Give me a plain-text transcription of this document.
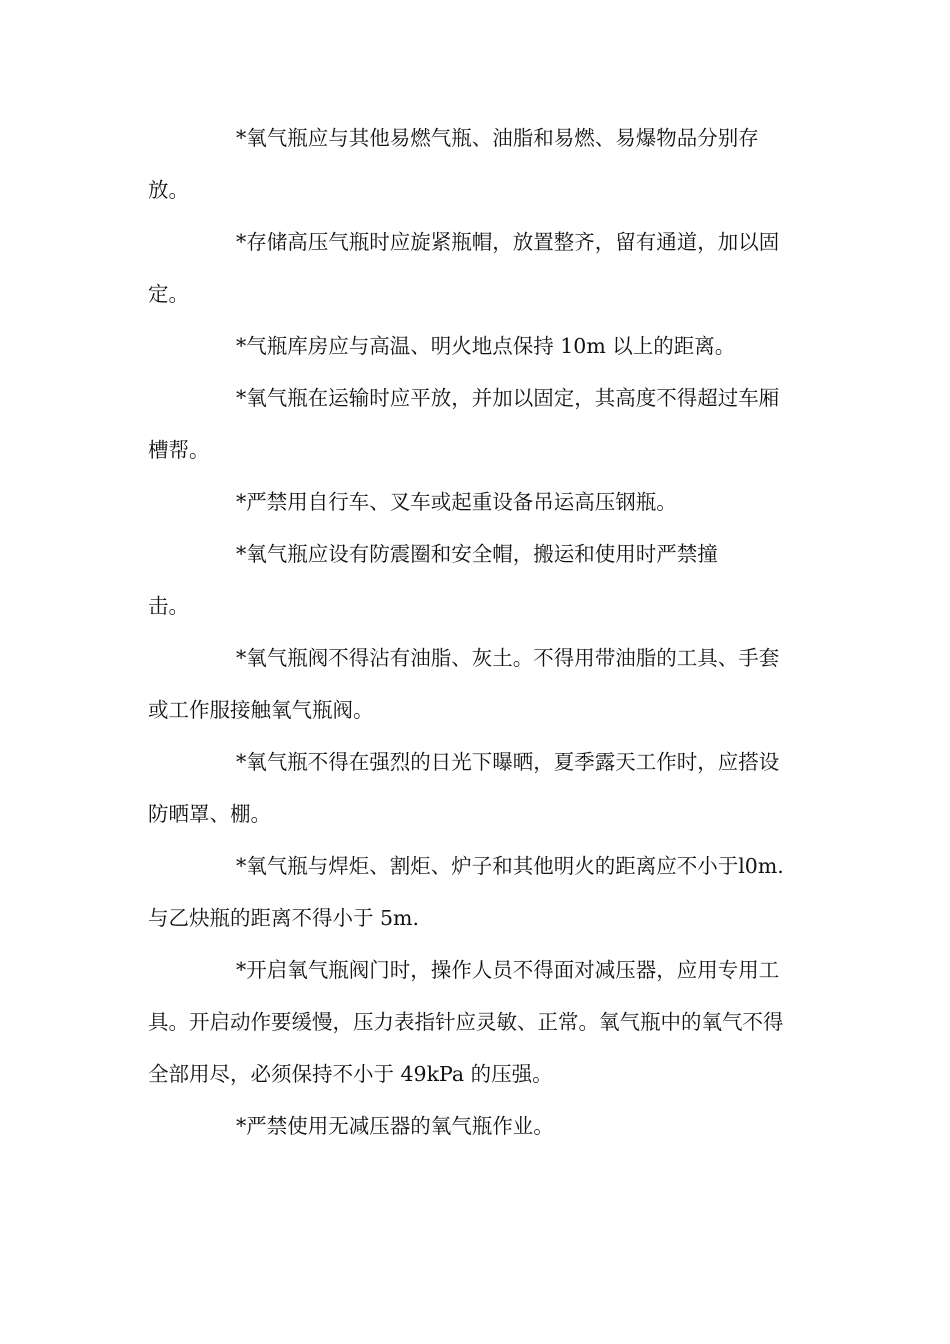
*氧气瓶应与其他易燃气瓶、油脂和易燃、易爆物品分别存放。

*存储高压气瓶时应旋紧瓶帽，放置整齐，留有通道，加以固定。

*气瓶库房应与高温、明火地点保持 10m 以上的距离。

*氧气瓶在运输时应平放，并加以固定，其高度不得超过车厢槽帮。

*严禁用自行车、叉车或起重设备吊运高压钢瓶。

*氧气瓶应设有防震圈和安全帽，搬运和使用时严禁撞
击。

*氧气瓶阀不得沾有油脂、灰土。不得用带油脂的工具、手套或工作服接触氧气瓶阀。

*氧气瓶不得在强烈的日光下曝晒，夏季露天工作时，应搭设防晒罩、棚。

*氧气瓶与焊炬、割炬、炉子和其他明火的距离应不小于l0m.与乙炔瓶的距离不得小于 5m.

*开启氧气瓶阀门时，操作人员不得面对减压器，应用专用工具。开启动作要缓慢，压力表指针应灵敏、正常。氧气瓶中的氧气不得全部用尽，必须保持不小于 49kPa 的压强。

*严禁使用无减压器的氧气瓶作业。
